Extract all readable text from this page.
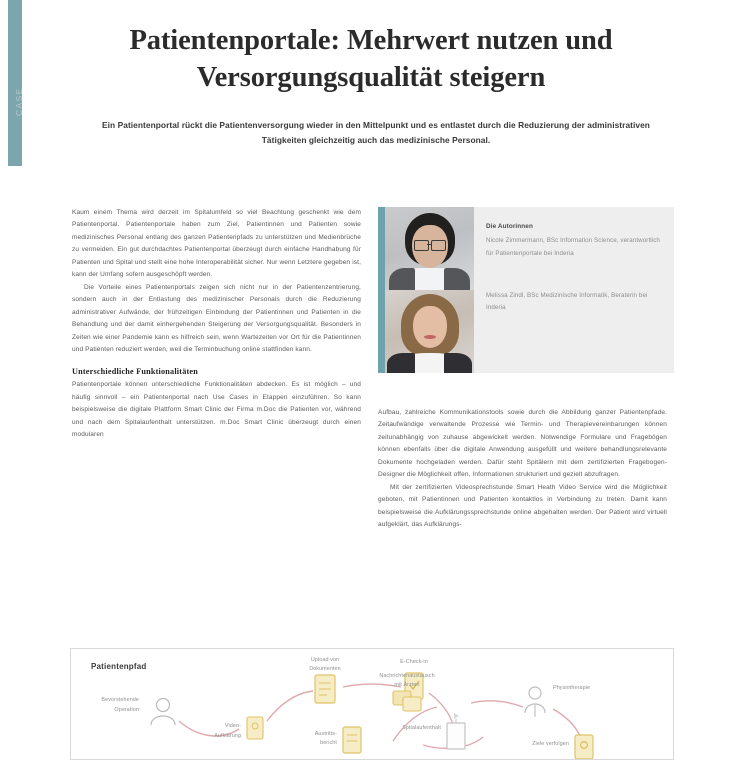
CASE
Patientenportale: Mehrwert nutzen und
Versorgungsqualität steigern
Ein Patientenportal rückt die Patientenversorgung wieder in den Mittelpunkt und es entlastet durch die Reduzierung der administrativen Tätigkeiten gleichzeitig auch das medizinische Personal.

Kaum einem Thema wird derzeit im Spitalumfeld so viel Beachtung geschenkt wie dem Patientenportal. Patientenportale haben zum Ziel, Patientinnen und Patienten sowie medizinisches Personal entlang des ganzen Patientenpfads zu unterstützen und Medienbrüche zu vermeiden. Ein gut durchdachtes Patientenportal überzeugt durch einfache Handhabung für Patienten und Spital und stellt eine hohe Interoperabilität sicher. Nur wenn Letztere gegeben ist, kann der Umfang sofern ausgeschöpft werden.

Die Vorteile eines Patientenportals zeigen sich nicht nur in der Patientenzentrierung, sondern auch in der Entlastung des medizinischer Personals durch die Reduzierung administrativer Aufwände, der frühzeitigen Einbindung der Patientinnen und Patienten in die Behandlung und der damit einhergehenden Steigerung der Versorgungsqualität. Besonders in Zeiten wie einer Pandemie kann es hilfreich sein, wenn Wartezeiten vor Ort für die Patientinnen und Patienten reduziert werden, weil die Terminbuchung online stattfinden kann.

Unterschiedliche Funktionalitäten

Patientenportale können unterschiedliche Funktionalitäten abdecken. Es ist möglich – und häufig sinnvoll – ein Patientenportal nach Use Cases in Etappen einzuführen. So kann beispielsweise die digitale Plattform Smart Clinic der Firma m.Doc die Patienten vor, während und nach dem Spitalaufenthalt unterstützen. m.Doc Smart Clinic überzeugt durch einen modularen

Aufbau, zahlreiche Kommunikationstools sowie durch die Abbildung ganzer Patientenpfade. Zeitaufwändige verwaltende Prozesse wie Termin- und Therapievereinbarungen können zeitunabhängig von zuhause abgewickelt werden. Notwendige Formulare und Fragebögen können ebenfalls über die digitale Anwendung ausgefüllt und weitere behandlungsrelevante Dokumente hochgeladen werden. Dafür steht Spitälern mit dem zertifizierten Fragebogen-Designer die Möglichkeit offen, Informationen strukturiert und gezielt abzufragen.

Mit der zertifizierten Videosprechstunde Smart Heath Video Service wird die Möglichkeit geboten, mit Patientinnen und Patienten kontaktlos in Verbindung zu treten. Damit kann beispielsweise die Aufklärungssprechstunde online abgehalten werden. Der Patient wird virtuell aufgeklärt, das Aufklärungs-

Die Autorinnen
Nicole Zimmermann, BSc Information Science, verantwortlich für Patientenportale bei Inderia
Melissa Zindl, BSc Medizinische Informatik, Beraterin bei Inderia
Patientenpfad
Bevorstehende
Operation
Video-
Aufklärung
Upload von
Dokumenten
E-Check-in
Spitalaufenthalt
Austritts-
bericht
Nachrichtenaustausch
mit Ärzten	Physiotherapie
Ziele verfolgen
